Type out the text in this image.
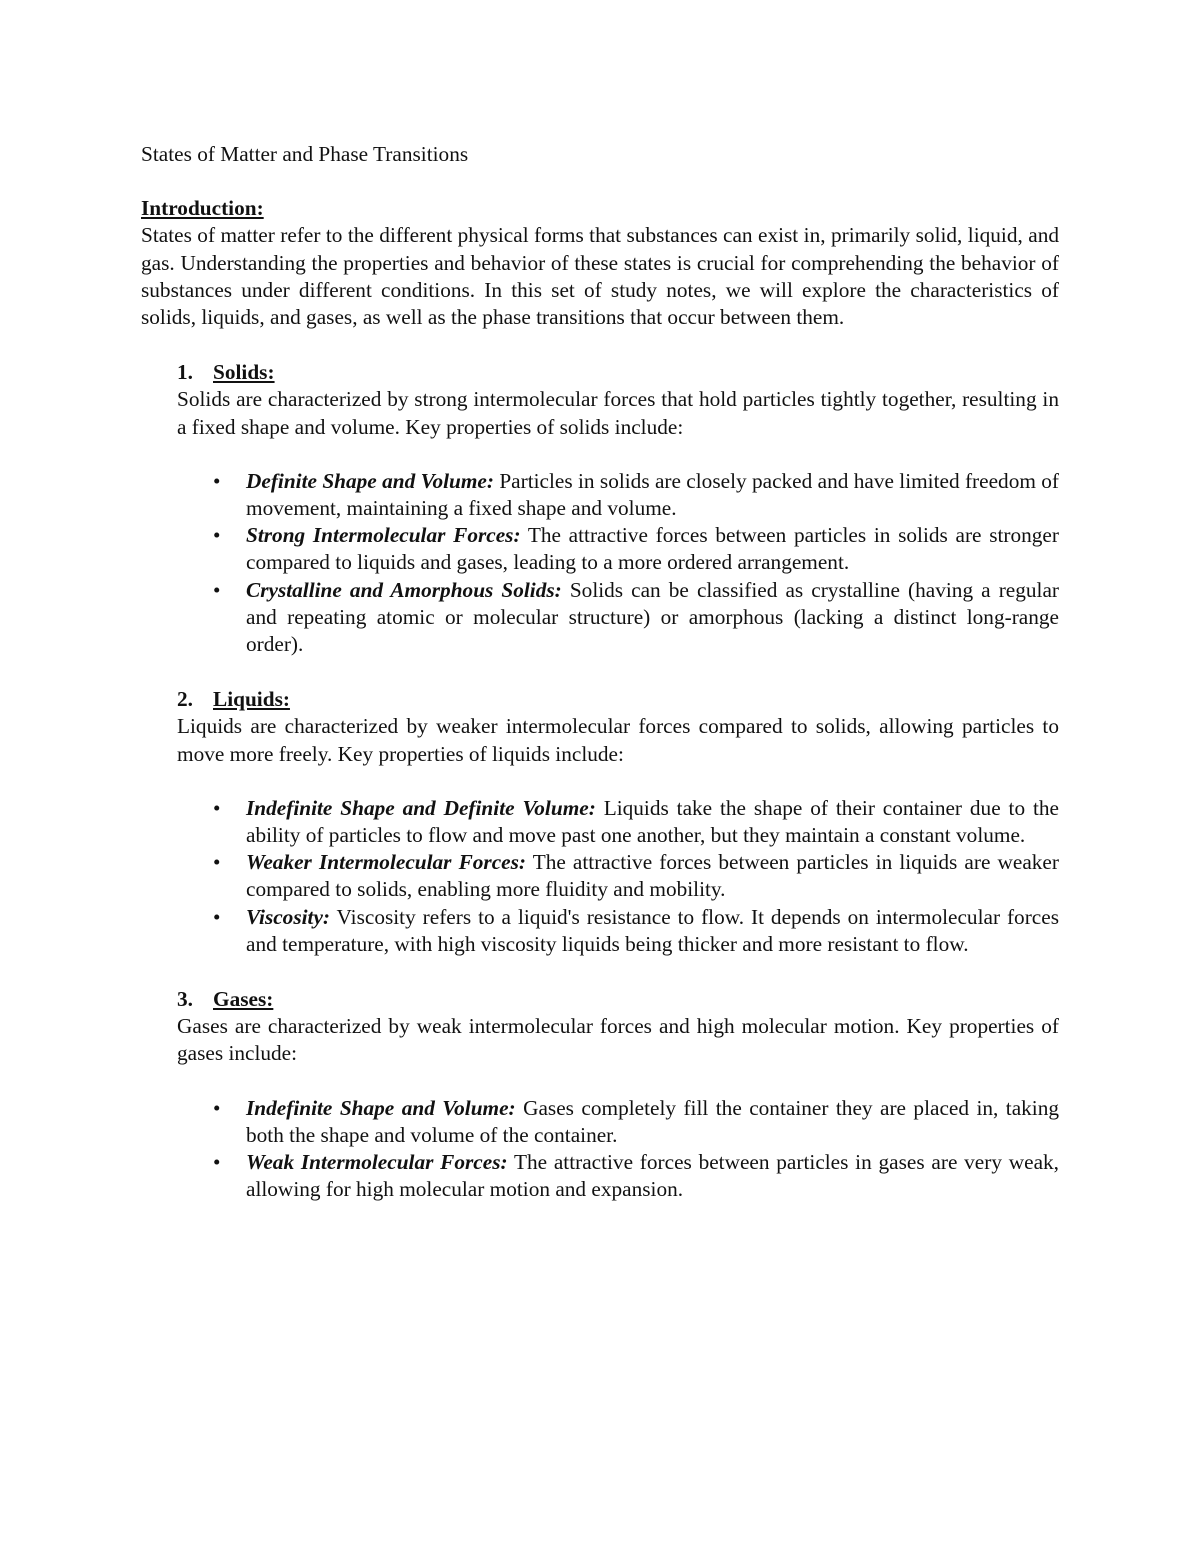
States of Matter and Phase Transitions

Introduction:

States of matter refer to the different physical forms that substances can exist in, primarily solid, liquid, and gas. Understanding the properties and behavior of these states is crucial for comprehending the behavior of substances under different conditions. In this set of study notes, we will explore the characteristics of solids, liquids, and gases, as well as the phase transitions that occur between them.

1. Solids:

Solids are characterized by strong intermolecular forces that hold particles tightly together, resulting in a fixed shape and volume. Key properties of solids include:

• Definite Shape and Volume: Particles in solids are closely packed and have limited freedom of movement, maintaining a fixed shape and volume.
• Strong Intermolecular Forces: The attractive forces between particles in solids are stronger compared to liquids and gases, leading to a more ordered arrangement.
• Crystalline and Amorphous Solids: Solids can be classified as crystalline (having a regular and repeating atomic or molecular structure) or amorphous (lacking a distinct long-range order).

2. Liquids:

Liquids are characterized by weaker intermolecular forces compared to solids, allowing particles to move more freely. Key properties of liquids include:

• Indefinite Shape and Definite Volume: Liquids take the shape of their container due to the ability of particles to flow and move past one another, but they maintain a constant volume.
• Weaker Intermolecular Forces: The attractive forces between particles in liquids are weaker compared to solids, enabling more fluidity and mobility.
• Viscosity: Viscosity refers to a liquid's resistance to flow. It depends on intermolecular forces and temperature, with high viscosity liquids being thicker and more resistant to flow.

3. Gases:

Gases are characterized by weak intermolecular forces and high molecular motion. Key properties of gases include:

• Indefinite Shape and Volume: Gases completely fill the container they are placed in, taking both the shape and volume of the container.
• Weak Intermolecular Forces: The attractive forces between particles in gases are very weak, allowing for high molecular motion and expansion.
